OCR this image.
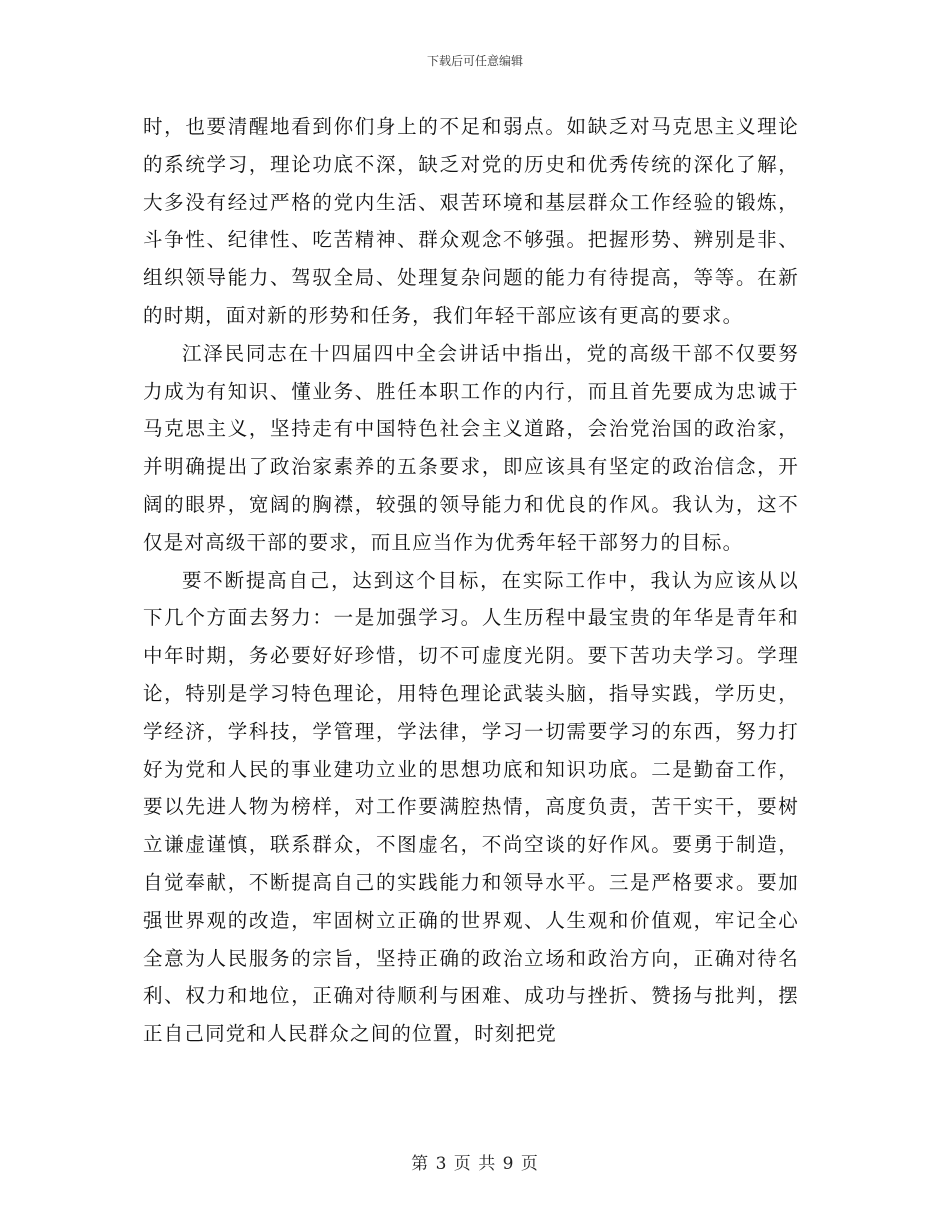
下载后可任意编辑

时，也要清醒地看到你们身上的不足和弱点。如缺乏对马克思主义理论的系统学习，理论功底不深，缺乏对党的历史和优秀传统的深化了解，大多没有经过严格的党内生活、艰苦环境和基层群众工作经验的锻炼，斗争性、纪律性、吃苦精神、群众观念不够强。把握形势、辨别是非、组织领导能力、驾驭全局、处理复杂问题的能力有待提高，等等。在新的时期，面对新的形势和任务，我们年轻干部应该有更高的要求。

江泽民同志在十四届四中全会讲话中指出，党的高级干部不仅要努力成为有知识、懂业务、胜任本职工作的内行，而且首先要成为忠诚于马克思主义，坚持走有中国特色社会主义道路，会治党治国的政治家，并明确提出了政治家素养的五条要求，即应该具有坚定的政治信念，开阔的眼界，宽阔的胸襟，较强的领导能力和优良的作风。我认为，这不仅是对高级干部的要求，而且应当作为优秀年轻干部努力的目标。

要不断提高自己，达到这个目标，在实际工作中，我认为应该从以下几个方面去努力：一是加强学习。人生历程中最宝贵的年华是青年和中年时期，务必要好好珍惜，切不可虚度光阴。要下苦功夫学习。学理论，特别是学习特色理论，用特色理论武装头脑，指导实践，学历史，学经济，学科技，学管理，学法律，学习一切需要学习的东西，努力打好为党和人民的事业建功立业的思想功底和知识功底。二是勤奋工作，要以先进人物为榜样，对工作要满腔热情，高度负责，苦干实干，要树立谦虚谨慎，联系群众，不图虚名，不尚空谈的好作风。要勇于制造，自觉奉献，不断提高自己的实践能力和领导水平。三是严格要求。要加强世界观的改造，牢固树立正确的世界观、人生观和价值观，牢记全心全意为人民服务的宗旨，坚持正确的政治立场和政治方向，正确对待名利、权力和地位，正确对待顺利与困难、成功与挫折、赞扬与批判，摆正自己同党和人民群众之间的位置，时刻把党

第 3 页 共 9 页
